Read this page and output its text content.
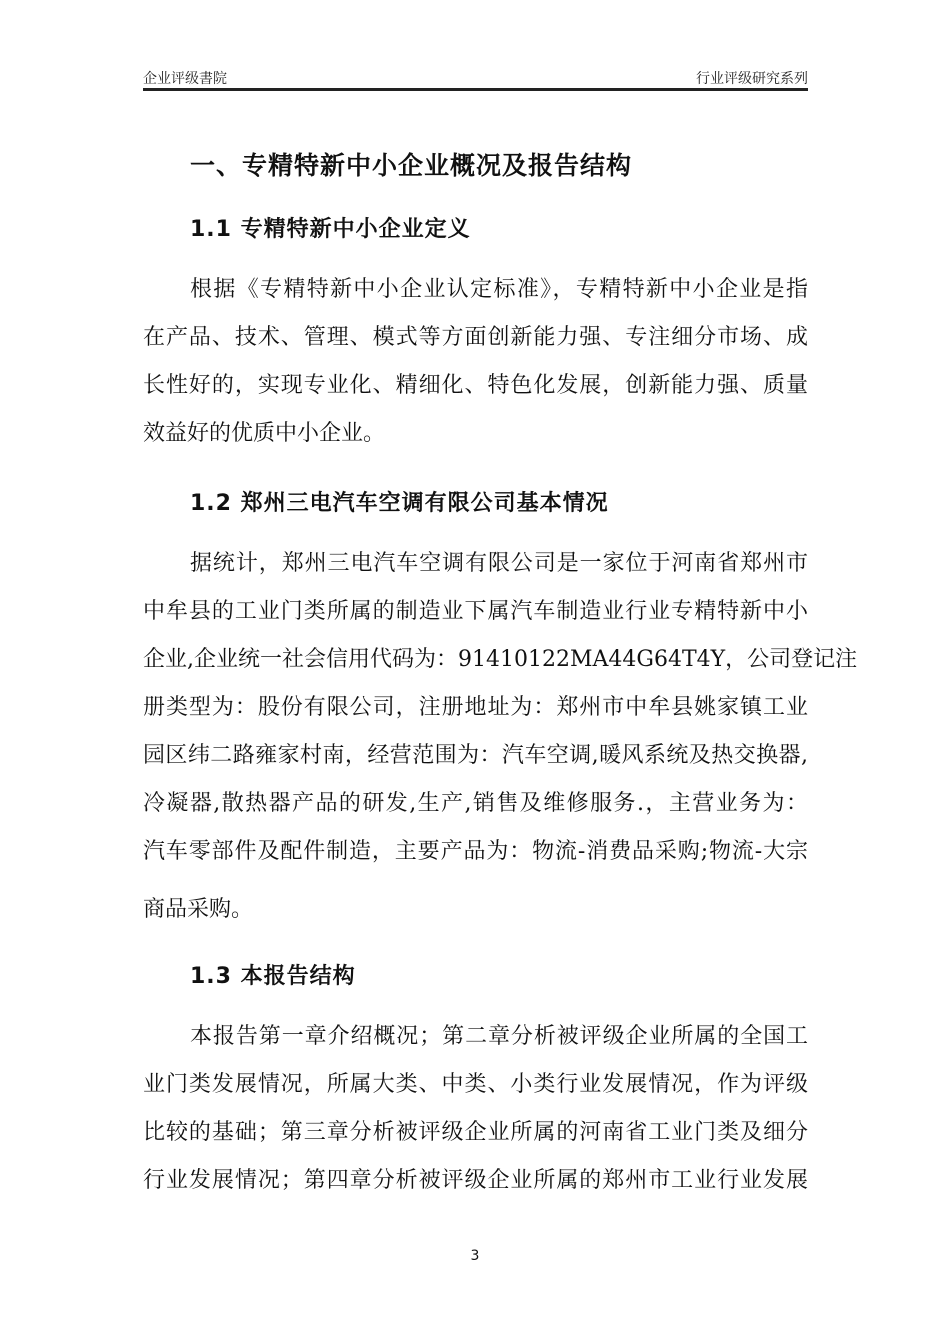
企业评级書院	行业评级研究系列
一、专精特新中小企业概况及报告结构
1.1 专精特新中小企业定义
根据《专精特新中小企业认定标准》，专精特新中小企业是指
在产品、技术、管理、模式等方面创新能力强、专注细分市场、成
长性好的，实现专业化、精细化、特色化发展，创新能力强、质量
效益好的优质中小企业。
1.2 郑州三电汽车空调有限公司基本情况
据统计，郑州三电汽车空调有限公司是一家位于河南省郑州市
中牟县的工业门类所属的制造业下属汽车制造业行业专精特新中小
企业,企业统一社会信用代码为：91410122MA44G64T4Y，公司登记注
册类型为：股份有限公司，注册地址为：郑州市中牟县姚家镇工业
园区纬二路雍家村南，经营范围为：汽车空调,暖风系统及热交换器,
冷凝器,散热器产品的研发,生产,销售及维修服务.，主营业务为：
汽车零部件及配件制造，主要产品为：物流-消费品采购;物流-大宗
商品采购。
1.3 本报告结构
本报告第一章介绍概况；第二章分析被评级企业所属的全国工
业门类发展情况，所属大类、中类、小类行业发展情况，作为评级
比较的基础；第三章分析被评级企业所属的河南省工业门类及细分
行业发展情况；第四章分析被评级企业所属的郑州市工业行业发展
3
